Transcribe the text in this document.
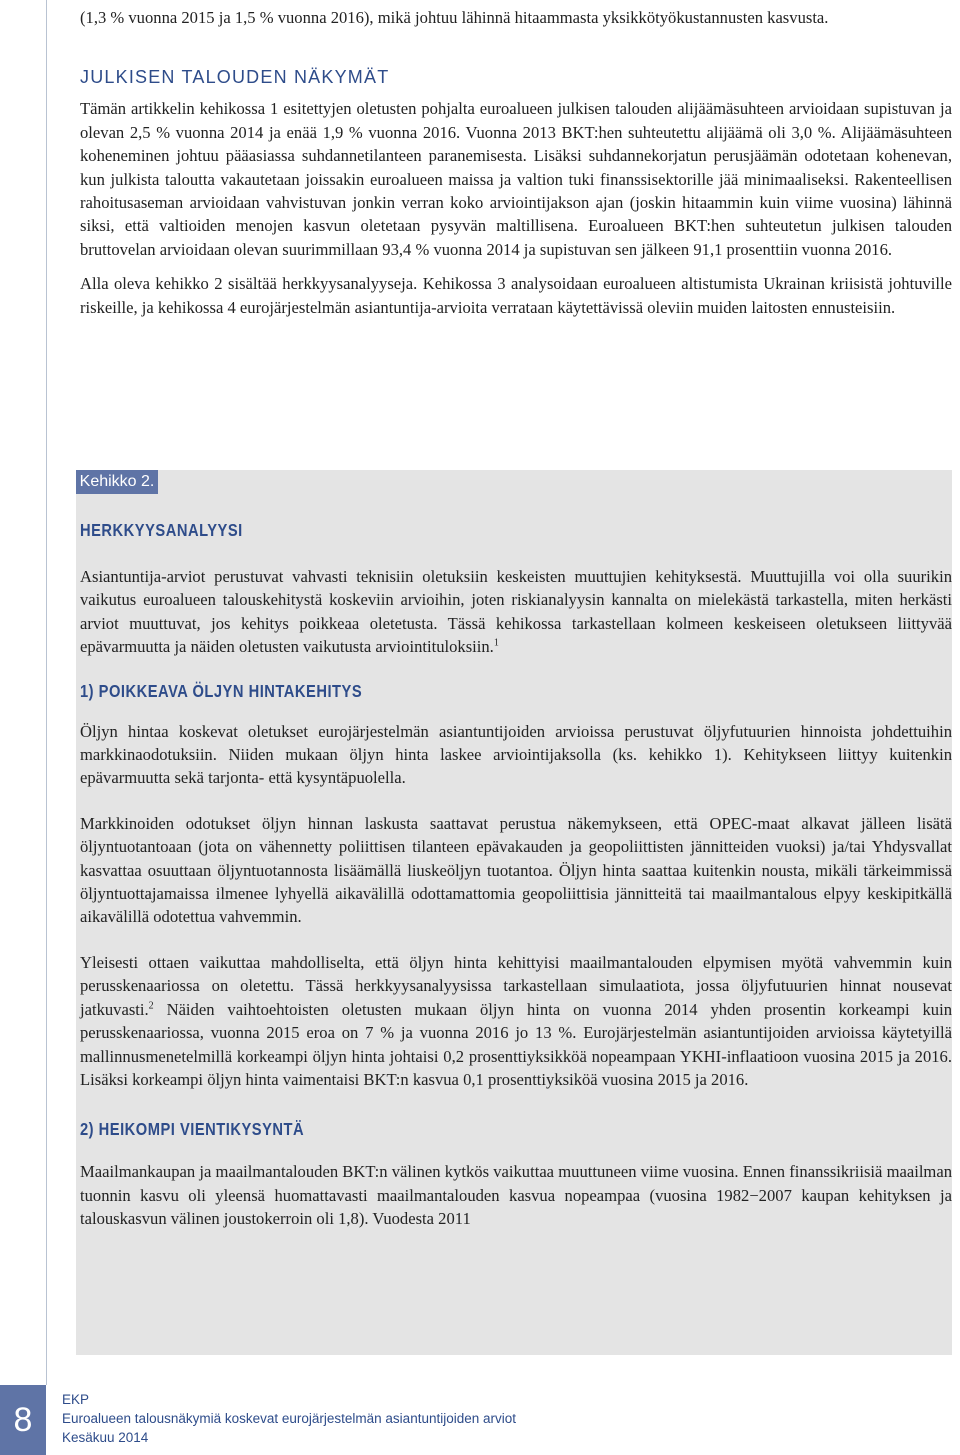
(1,3 % vuonna 2015 ja 1,5 % vuonna 2016), mikä johtuu lähinnä hitaammasta yksikkötyökustannusten kasvusta.

JULKISEN TALOUDEN NÄKYMÄT

Tämän artikkelin kehikossa 1 esitettyjen oletusten pohjalta euroalueen julkisen talouden alijäämäsuhteen arvioidaan supistuvan ja olevan 2,5 % vuonna 2014 ja enää 1,9 % vuonna 2016. Vuonna 2013 BKT:hen suhteutettu alijäämä oli 3,0 %. Alijäämäsuhteen koheneminen johtuu pääasiassa suhdannetilanteen paranemisesta. Lisäksi suhdannekorjatun perusjäämän odotetaan kohenevan, kun julkista taloutta vakautetaan joissakin euroalueen maissa ja valtion tuki finanssisektorille jää minimaaliseksi. Rakenteellisen rahoitusaseman arvioidaan vahvistuvan jonkin verran koko arviointijakson ajan (joskin hitaammin kuin viime vuosina) lähinnä siksi, että valtioiden menojen kasvun oletetaan pysyvän maltillisena. Euroalueen BKT:hen suhteutetun julkisen talouden bruttovelan arvioidaan olevan suurimmillaan 93,4 % vuonna 2014 ja supistuvan sen jälkeen 91,1 prosenttiin vuonna 2016.

Alla oleva kehikko 2 sisältää herkkyysanalyyseja. Kehikossa 3 analysoidaan euroalueen altistumista Ukrainan kriisistä johtuville riskeille, ja kehikossa 4 eurojärjestelmän asiantuntija-arvioita verrataan käytettävissä oleviin muiden laitosten ennusteisiin.

Kehikko 2.
HERKKYYSANALYYSI

Asiantuntija-arviot perustuvat vahvasti teknisiin oletuksiin keskeisten muuttujien kehityksestä. Muuttujilla voi olla suurikin vaikutus euroalueen talouskehitystä koskeviin arvioihin, joten riskianalyysin kannalta on mielekästä tarkastella, miten herkästi arviot muuttuvat, jos kehitys poikkeaa oletetusta. Tässä kehikossa tarkastellaan kolmeen keskeiseen oletukseen liittyvää epävarmuutta ja näiden oletusten vaikutusta arviointituloksiin.$^1$

1) POIKKEAVA ÖLJYN HINTAKEHITYS

Öljyn hintaa koskevat oletukset eurojärjestelmän asiantuntijoiden arvioissa perustuvat öljyfutuurien hinnoista johdettuihin markkinaodotuksiin. Niiden mukaan öljyn hinta laskee arviointijaksolla (ks. kehikko 1). Kehitykseen liittyy kuitenkin epävarmuutta sekä tarjonta- että kysyntäpuolella.

Markkinoiden odotukset öljyn hinnan laskusta saattavat perustua näkemykseen, että OPEC-maat alkavat jälleen lisätä öljyntuotantoaan (jota on vähennetty poliittisen tilanteen epävakauden ja geopoliittisten jännitteiden vuoksi) ja/tai Yhdysvallat kasvattaa osuuttaan öljyntuotannosta lisäämällä liuskeöljyn tuotantoa. Öljyn hinta saattaa kuitenkin nousta, mikäli tärkeimmissä öljyntuottajamaissa ilmenee lyhyellä aikavälillä odottamattomia geopoliittisia jännitteitä tai maailmantalous elpyy keskipitkällä aikavälillä odotettua vahvemmin.

Yleisesti ottaen vaikuttaa mahdolliselta, että öljyn hinta kehittyisi maailmantalouden elpymisen myötä vahvemmin kuin perusskenaariossa on oletettu. Tässä herkkyysanalyysissa tarkastellaan simulaatiota, jossa öljyfutuurien hinnat nousevat jatkuvasti.$^2$ Näiden vaihtoehtoisten oletusten mukaan öljyn hinta on vuonna 2014 yhden prosentin korkeampi kuin perusskenaariossa, vuonna 2015 eroa on 7 % ja vuonna 2016 jo 13 %. Eurojärjestelmän asiantuntijoiden arvioissa käytetyillä mallinnusmenetelmillä korkeampi öljyn hinta johtaisi 0,2 prosenttiyksikköä nopeampaan YKHI-inflaatioon vuosina 2015 ja 2016. Lisäksi korkeampi öljyn hinta vaimentaisi BKT:n kasvua 0,1 prosenttiyksiköä vuosina 2015 ja 2016.

2) HEIKOMPI VIENTIKYSYNTÄ

Maailmankaupan ja maailmantalouden BKT:n välinen kytkös vaikuttaa muuttuneen viime vuosina. Ennen finanssikriisiä maailman tuonnin kasvu oli yleensä huomattavasti maailmantalouden kasvua nopeampaa (vuosina 1982−2007 kaupan kehityksen ja talouskasvun välinen joustokerroin oli 1,8). Vuodesta 2011

8
EKP
Euroalueen talousnäkymiä koskevat eurojärjestelmän asiantuntijoiden arviot
Kesäkuu 2014
